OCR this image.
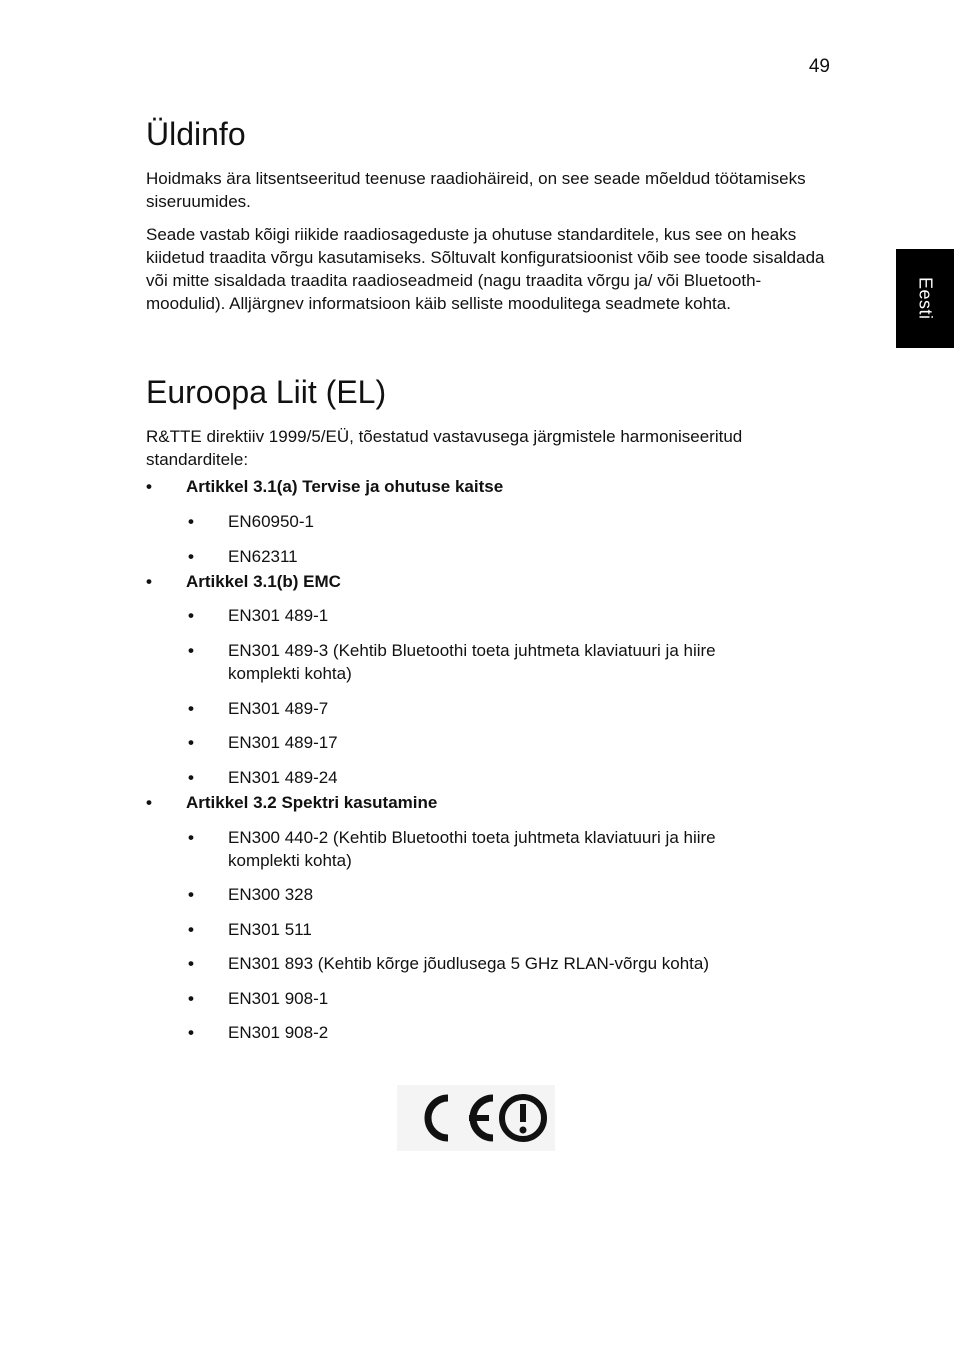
49
Eesti
Üldinfo

Hoidmaks ära litsentseeritud teenuse raadiohäireid, on see seade mõeldud töötamiseks siseruumides.

Seade vastab kõigi riikide raadiosageduste ja ohutuse standarditele, kus see on heaks kiidetud traadita võrgu kasutamiseks. Sõltuvalt konfiguratsioonist võib see toode sisaldada või mitte sisaldada traadita raadioseadmeid (nagu traadita võrgu ja/ või Bluetooth-moodulid). Alljärgnev informatsioon käib selliste moodulitega seadmete kohta.

Euroopa Liit (EL)

R&TTE direktiiv 1999/5/EÜ, tõestatud vastavusega järgmistele harmoniseeritud standarditele:

• Artikkel 3.1(a) Tervise ja ohutuse kaitse
• EN60950-1
• EN62311
• Artikkel 3.1(b) EMC
• EN301 489-1
• EN301 489-3 (Kehtib Bluetoothi toeta juhtmeta klaviatuuri ja hiire komplekti kohta)
• EN301 489-7
• EN301 489-17
• EN301 489-24
• Artikkel 3.2 Spektri kasutamine
• EN300 440-2 (Kehtib Bluetoothi toeta juhtmeta klaviatuuri ja hiire komplekti kohta)
• EN300 328
• EN301 511
• EN301 893 (Kehtib kõrge jõudlusega 5 GHz RLAN-võrgu kohta)
• EN301 908-1
• EN301 908-2
